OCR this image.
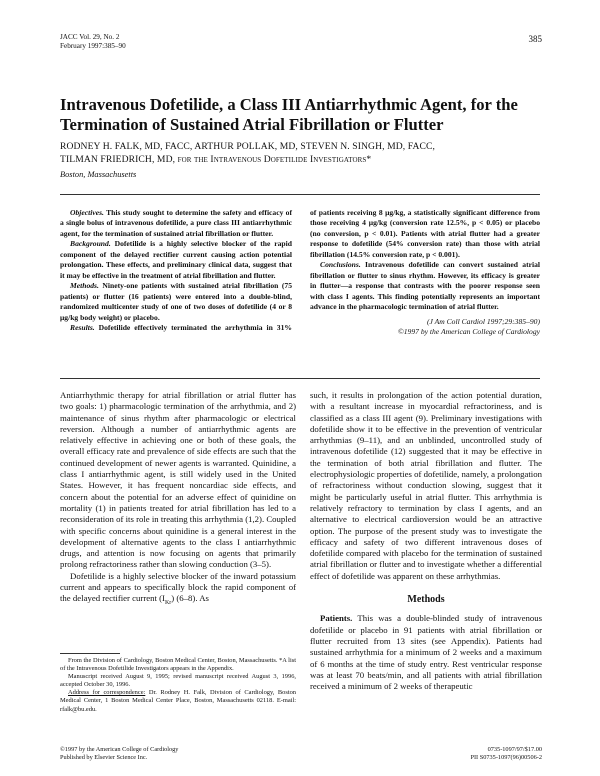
JACC Vol. 29, No. 2
February 1997:385–90
385
Intravenous Dofetilide, a Class III Antiarrhythmic Agent, for the Termination of Sustained Atrial Fibrillation or Flutter
RODNEY H. FALK, MD, FACC, ARTHUR POLLAK, MD, STEVEN N. SINGH, MD, FACC,
TILMAN FRIEDRICH, MD, for the Intravenous Dofetilide Investigators*
Boston, Massachusetts

Objectives. This study sought to determine the safety and efficacy of a single bolus of intravenous dofetilide, a pure class III antiarrhythmic agent, for the termination of sustained atrial fibrillation or flutter.

Background. Dofetilide is a highly selective blocker of the rapid component of the delayed rectifier current causing action potential prolongation. These effects, and preliminary clinical data, suggest that it may be effective in the treatment of atrial fibrillation and flutter.

Methods. Ninety-one patients with sustained atrial fibrillation (75 patients) or flutter (16 patients) were entered into a double-blind, randomized multicenter study of one of two doses of dofetilide (4 or 8 μg/kg body weight) or placebo.

Results. Dofetilide effectively terminated the arrhythmia in 31%

of patients receiving 8 μg/kg, a statistically significant difference from those receiving 4 μg/kg (conversion rate 12.5%, p < 0.05) or placebo (no conversion, p < 0.01). Patients with atrial flutter had a greater response to dofetilide (54% conversion rate) than those with atrial fibrillation (14.5% conversion rate, p < 0.001).

Conclusions. Intravenous dofetilide can convert sustained atrial fibrillation or flutter to sinus rhythm. However, its efficacy is greater in flutter—a response that contrasts with the poorer response seen with class I agents. This finding potentially represents an important advance in the pharmacologic termination of atrial flutter.

(J Am Coll Cardiol 1997;29:385–90)

©1997 by the American College of Cardiology

Antiarrhythmic therapy for atrial fibrillation or atrial flutter has two goals: 1) pharmacologic termination of the arrhythmia, and 2) maintenance of sinus rhythm after pharmacologic or electrical reversion. Although a number of antiarrhythmic agents are relatively effective in achieving one or both of these goals, the overall efficacy rate and prevalence of side effects are such that the continued development of newer agents is warranted. Quinidine, a class I antiarrhythmic agent, is still widely used in the United States. However, it has frequent noncardiac side effects, and concern about the potential for an adverse effect of quinidine on mortality (1) in patients treated for atrial fibrillation has led to a reconsideration of its role in treating this arrhythmia (1,2). Coupled with specific concerns about quinidine is a general interest in the development of alternative agents to the class I antiarrhythmic drugs, and attention is now focusing on agents that primarily prolong refractoriness rather than slowing conduction (3–5).

Dofetilide is a highly selective blocker of the inward potassium current and appears to specifically block the rapid component of the delayed rectifier current $(I_{Kr})$ (6–8). As

From the Division of Cardiology, Boston Medical Center, Boston, Massachusetts. *A list of the Intravenous Dofetilide Investigators appears in the Appendix.

Manuscript received August 9, 1995; revised manuscript received August 3, 1996, accepted October 30, 1996.

Address for correspondence: Dr. Rodney H. Falk, Division of Cardiology, Boston Medical Center, 1 Boston Medical Center Place, Boston, Massachusetts 02118. E-mail: rfalk@bu.edu.

such, it results in prolongation of the action potential duration, with a resultant increase in myocardial refractoriness, and is classified as a class III agent (9). Preliminary investigations with dofetilide show it to be effective in the prevention of ventricular arrhythmias (9–11), and an unblinded, uncontrolled study of intravenous dofetilide (12) suggested that it may be effective in the termination of both atrial fibrillation and flutter. The electrophysiologic properties of dofetilide, namely, a prolongation of refractoriness without conduction slowing, suggest that it might be particularly useful in atrial flutter. This arrhythmia is relatively refractory to termination by class I agents, and an alternative to electrical cardioversion would be an attractive option. The purpose of the present study was to investigate the efficacy and safety of two different intravenous doses of dofetilide compared with placebo for the termination of sustained atrial fibrillation or flutter and to investigate whether a differential effect of dofetilide was apparent on these arrhythmias.

Methods

Patients. This was a double-blinded study of intravenous dofetilide or placebo in 91 patients with atrial fibrillation or flutter recruited from 13 sites (see Appendix). Patients had sustained arrhythmia for a minimum of 2 weeks and a maximum of 6 months at the time of study entry. Rest ventricular response was at least 70 beats/min, and all patients with atrial fibrillation received a minimum of 2 weeks of therapeutic

©1997 by the American College of Cardiology
Published by Elsevier Science Inc.
0735-1097/97/$17.00
PII S0735-1097(96)00506-2
